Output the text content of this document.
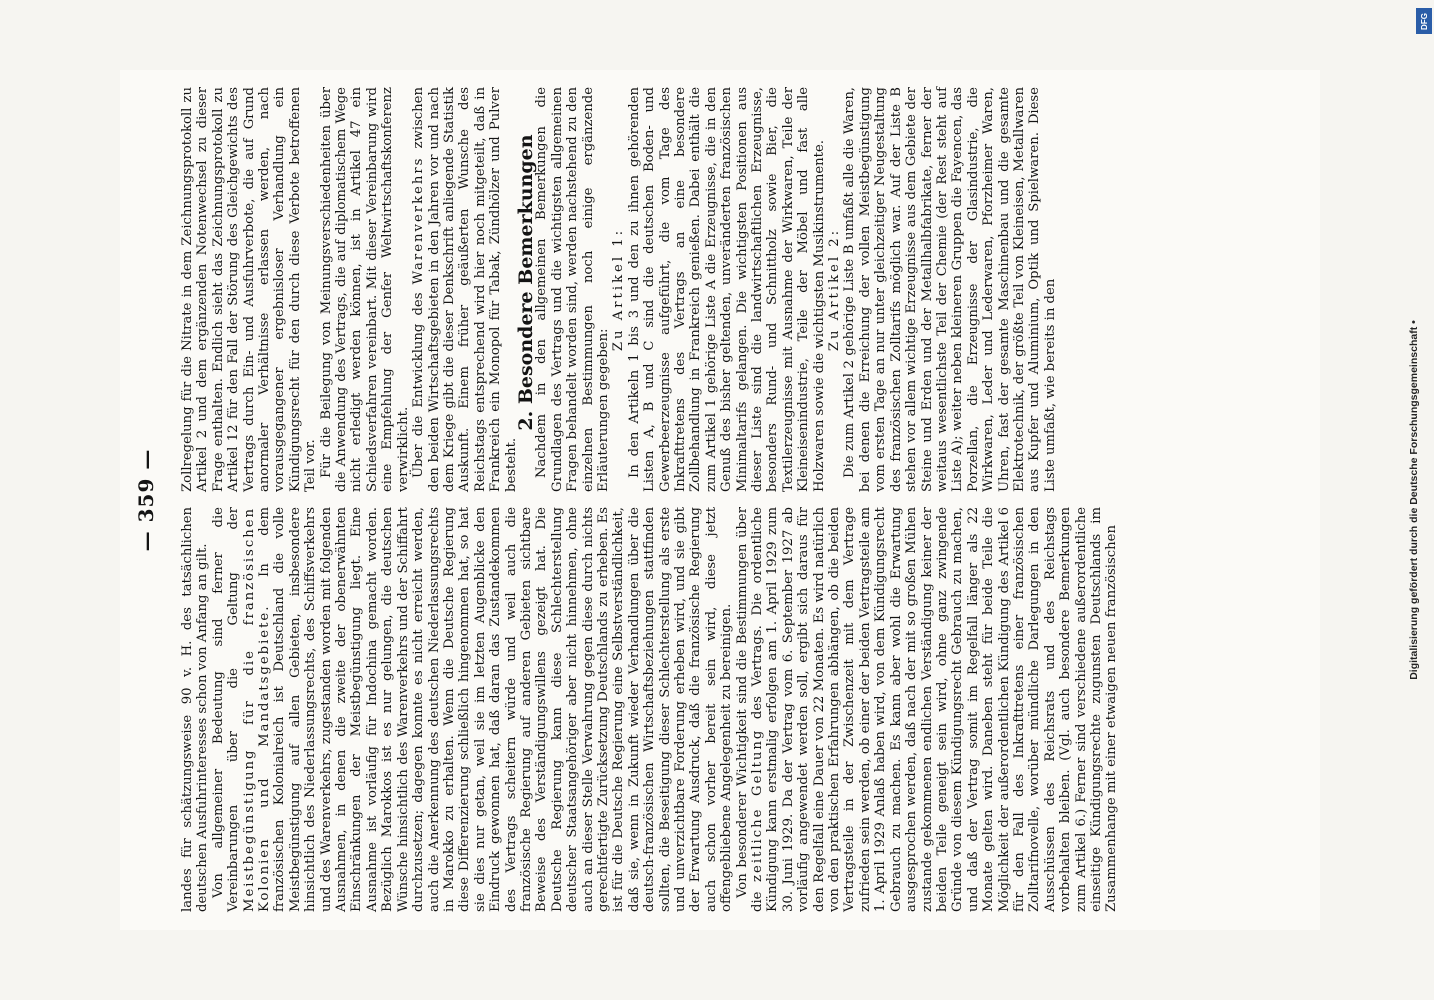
— 359 —

landes für schätzungsweise 90 v. H. des tatsächlichen deutschen Ausfuhrinteresses schon von Anfang an gilt. Von allgemeiner Bedeutung sind ferner die Vereinbarungen über die Geltung der Meistbegünstigung für die französischen Kolonien und Mandatsgebiete. In dem französischen Kolonialreich ist Deutschland die volle Meistbegünstigung auf allen Gebieten, insbesondere hinsichtlich des Niederlassungsrechts, des Schiffsverkehrs und des Warenverkehrs, zugestanden worden mit folgenden Ausnahmen, in denen die zweite der obenerwähnten Einschränkungen der Meistbegünstigung liegt. Eine Ausnahme ist vorläufig für Indochina gemacht worden. Bezüglich Marokkos ist es nur gelungen, die deutschen Wünsche hinsichtlich des Warenverkehrs und der Schiffahrt durchzusetzen; dagegen konnte es nicht erreicht werden, auch die Anerkennung des deutschen Niederlassungsrechts in Marokko zu erhalten. Wenn die Deutsche Regierung diese Differenzierung schließlich hingenommen hat, so hat sie dies nur getan, weil sie im letzten Augenblicke den Eindruck gewonnen hat, daß daran das Zustandekommen des Vertrags scheitern würde und weil auch die französische Regierung auf anderen Gebieten sichtbare Beweise des Verständigungswillens gezeigt hat. Die Deutsche Regierung kann diese Schlechterstellung deutscher Staatsangehöriger aber nicht hinnehmen, ohne auch an dieser Stelle Verwahrung gegen diese durch nichts gerechtfertigte Zurücksetzung Deutschlands zu erheben. Es ist für die Deutsche Regierung eine Selbstverständlichkeit, daß sie, wenn in Zukunft wieder Verhandlungen über die deutsch-französischen Wirtschaftsbeziehungen stattfinden sollten, die Beseitigung dieser Schlechterstellung als erste und unverzichtbare Forderung erheben wird, und sie gibt der Erwartung Ausdruck, daß die französische Regierung auch schon vorher bereit sein wird, diese jetzt offengebliebene Angelegenheit zu bereinigen. Von besonderer Wichtigkeit sind die Bestimmungen über die zeitliche Geltung des Vertrags. Die ordentliche Kündigung kann erstmalig erfolgen am 1. April 1929 zum 30. Juni 1929. Da der Vertrag vom 6. September 1927 ab vorläufig angewendet werden soll, ergibt sich daraus für den Regelfall eine Dauer von 22 Monaten. Es wird natürlich von den praktischen Erfahrungen abhängen, ob die beiden Vertragsteile in der Zwischenzeit mit dem Vertrage zufrieden sein werden, ob einer der beiden Vertragsteile am 1. April 1929 Anlaß haben wird, von dem Kündigungsrecht Gebrauch zu machen. Es kann aber wohl die Erwartung ausgesprochen werden, daß nach der mit so großen Mühen zustande gekommenen endlichen Verständigung keiner der beiden Teile geneigt sein wird, ohne ganz zwingende Gründe von diesem Kündigungsrecht Gebrauch zu machen, und daß der Vertrag somit im Regelfall länger als 22 Monate gelten wird. Daneben steht für beide Teile die Möglichkeit der außerordentlichen Kündigung des Artikel 6 für den Fall des Inkrafttretens einer französischen Zolltarifnovelle, worüber mündliche Darlegungen in den Ausschüssen des Reichsrats und des Reichstags vorbehalten bleiben. (Vgl. auch besondere Bemerkungen zum Artikel 6.) Ferner sind verschiedene außerordentliche einseitige Kündigungsrechte zugunsten Deutschlands im Zusammenhange mit einer etwaigen neuen französischen

Zollregelung für die Nitrate in dem Zeichnungsprotokoll zu Artikel 2 und dem ergänzenden Notenwechsel zu dieser Frage enthalten. Endlich sieht das Zeichnungsprotokoll zu Artikel 12 für den Fall der Störung des Gleichgewichts des Vertrags durch Ein- und Ausfuhrverbote, die auf Grund anormaler Verhältnisse erlassen werden, nach vorausgegangener ergebnisloser Verhandlung ein Kündigungsrecht für den durch diese Verbote betroffenen Teil vor. Für die Beilegung von Meinungsverschiedenheiten über die Anwendung des Vertrags, die auf diplomatischem Wege nicht erledigt werden können, ist in Artikel 47 ein Schiedsverfahren vereinbart. Mit dieser Vereinbarung wird eine Empfehlung der Genfer Weltwirtschaftskonferenz verwirklicht. Über die Entwicklung des Warenverkehrs zwischen den beiden Wirtschaftsgebieten in den Jahren vor und nach dem Kriege gibt die dieser Denkschrift anliegende Statistik Auskunft. Einem früher geäußerten Wunsche des Reichstags entsprechend wird hier noch mitgeteilt, daß in Frankreich ein Monopol für Tabak, Zündhölzer und Pulver besteht.

2. Besondere Bemerkungen

Nachdem in den allgemeinen Bemerkungen die Grundlagen des Vertrags und die wichtigsten allgemeinen Fragen behandelt worden sind, werden nachstehend zu den einzelnen Bestimmungen noch einige ergänzende Erläuterungen gegeben:

Zu Artikel 1: In den Artikeln 1 bis 3 und den zu ihnen gehörenden Listen A, B und C sind die deutschen Boden- und Gewerbeerzeugnisse aufgeführt, die vom Tage des Inkrafttretens des Vertrags an eine besondere Zollbehandlung in Frankreich genießen. Dabei enthält die zum Artikel 1 gehörige Liste A die Erzeugnisse, die in den Genuß des bisher geltenden, unveränderten französischen Minimaltarifs gelangen. Die wichtigsten Positionen aus dieser Liste sind die landwirtschaftlichen Erzeugnisse, besonders Rund- und Schnittholz sowie Bier, die Textilerzeugnisse mit Ausnahme der Wirkwaren, Teile der Kleineisenindustrie, Teile der Möbel und fast alle Holzwaren sowie die wichtigsten Musikinstrumente. Zu Artikel 2: Die zum Artikel 2 gehörige Liste B umfaßt alle die Waren, bei denen die Erreichung der vollen Meistbegünstigung vom ersten Tage an nur unter gleichzeitiger Neugestaltung des französischen Zolltarifs möglich war. Auf der Liste B stehen vor allem wichtige Erzeugnisse aus dem Gebiete der Steine und Erden und der Metallhalbfabrikate, ferner der weitaus wesentlichste Teil der Chemie (der Rest steht auf Liste A); weiter neben kleineren Gruppen die Fayencen, das Porzellan, die Erzeugnisse der Glasindustrie, die Wirkwaren, Leder und Lederwaren, Pforzheimer Waren, Uhren, fast der gesamte Maschinenbau und die gesamte Elektrotechnik, der größte Teil von Kleineisen, Metallwaren aus Kupfer und Aluminium, Optik und Spielwaren. Diese Liste umfaßt, wie bereits in den	Digitalisierung gefördert durch die Deutsche Forschungsgemeinschaft •
DFG
